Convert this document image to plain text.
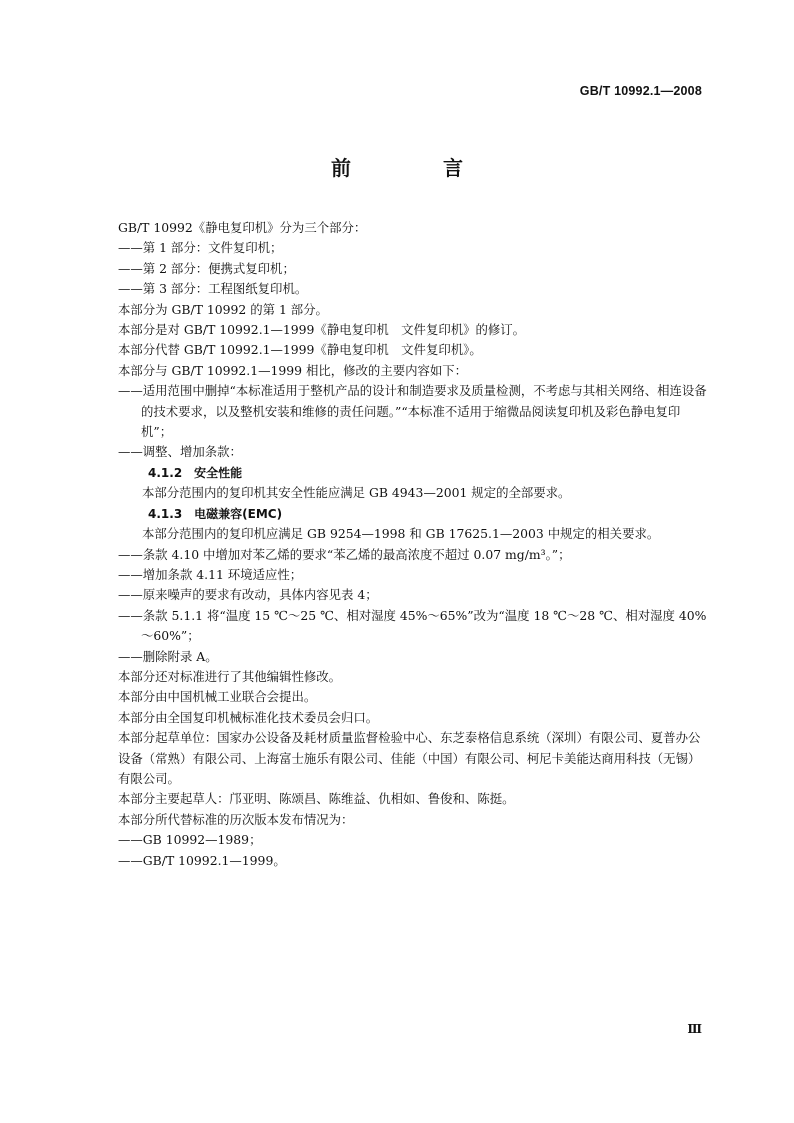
GB/T 10992.1—2008
前　言

GB/T 10992《静电复印机》分为三个部分：

——第 1 部分：文件复印机；

——第 2 部分：便携式复印机；

——第 3 部分：工程图纸复印机。

本部分为 GB/T 10992 的第 1 部分。

本部分是对 GB/T 10992.1—1999《静电复印机　文件复印机》的修订。

本部分代替 GB/T 10992.1—1999《静电复印机　文件复印机》。

本部分与 GB/T 10992.1—1999 相比，修改的主要内容如下：

——适用范围中删掉“本标准适用于整机产品的设计和制造要求及质量检测，不考虑与其相关网络、相连设备的技术要求，以及整机安装和维修的责任问题。”“本标准不适用于缩微品阅读复印机及彩色静电复印机”；

——调整、增加条款：

4.1.2 安全性能

本部分范围内的复印机其安全性能应满足 GB 4943—2001 规定的全部要求。

4.1.3 电磁兼容(EMC)

本部分范围内的复印机应满足 GB 9254—1998 和 GB 17625.1—2003 中规定的相关要求。

——条款 4.10 中增加对苯乙烯的要求“苯乙烯的最高浓度不超过 0.07 mg/m³。”；

——增加条款 4.11 环境适应性；

——原来噪声的要求有改动，具体内容见表 4；

——条款 5.1.1 将“温度 15 ℃～25 ℃、相对湿度 45%～65%”改为“温度 18 ℃～28 ℃、相对湿度 40%～60%”；

——删除附录 A。

本部分还对标准进行了其他编辑性修改。

本部分由中国机械工业联合会提出。

本部分由全国复印机械标准化技术委员会归口。

本部分起草单位：国家办公设备及耗材质量监督检验中心、东芝泰格信息系统（深圳）有限公司、夏普办公设备（常熟）有限公司、上海富士施乐有限公司、佳能（中国）有限公司、柯尼卡美能达商用科技（无锡）有限公司。

本部分主要起草人：邝亚明、陈颂昌、陈维益、仇相如、鲁俊和、陈挺。

本部分所代替标准的历次版本发布情况为：

——GB 10992—1989；

——GB/T 10992.1—1999。

Ⅲ
